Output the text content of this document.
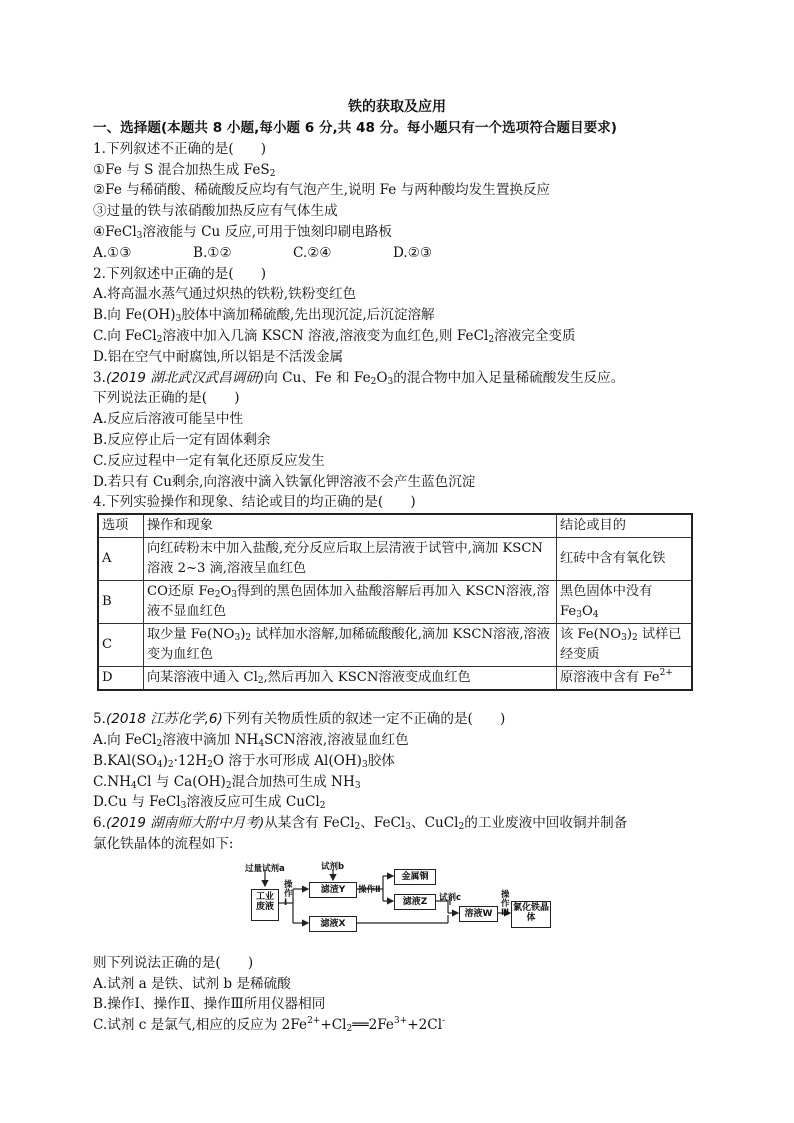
铁的获取及应用
一、选择题(本题共 8 小题,每小题 6 分,共 48 分。每小题只有一个选项符合题目要求)
1.下列叙述不正确的是(　　)
①Fe 与 S 混合加热生成 FeS$_2$
②Fe 与稀硝酸、稀硫酸反应均有气泡产生,说明 Fe 与两种酸均发生置换反应
③过量的铁与浓硝酸加热反应有气体生成
④FeCl$_3$溶液能与 Cu 反应,可用于蚀刻印刷电路板
A.①③	B.①②	C.②④	D.②③
2.下列叙述中正确的是(　　)
A.将高温水蒸气通过炽热的铁粉,铁粉变红色
B.向 $Fe(OH)_3$胶体中滴加稀硫酸,先出现沉淀,后沉淀溶解
C.向 FeCl$_2$溶液中加入几滴 KSCN 溶液,溶液变为血红色,则 FeCl$_2$溶液完全变质
D.铝在空气中耐腐蚀,所以铝是不活泼金属
3.(2019 湖北武汉武昌调研)向 Cu、Fe 和 $Fe_2O_3$的混合物中加入足量稀硫酸发生反应。
下列说法正确的是(　　)
A.反应后溶液可能呈中性
B.反应停止后一定有固体剩余
C.反应过程中一定有氧化还原反应发生
D.若只有 Cu剩余,向溶液中滴入铁氰化钾溶液不会产生蓝色沉淀
4.下列实验操作和现象、结论或目的均正确的是(　　)
选项	操作和现象	结论或目的
A	向红砖粉末中加入盐酸,充分反应后取上层清液于试管中,滴加 KSCN溶液 2~3 滴,溶液呈血红色	红砖中含有氧化铁
B	CO还原 $Fe_2O_3$得到的黑色固体加入盐酸溶解后再加入 KSCN溶液,溶液不显血红色	黑色固体中没有 $Fe_3O_4$
C	取少量 $Fe(NO_3)_2$ 试样加水溶解,加稀硫酸酸化,滴加 KSCN溶液,溶液变为血红色	该 $Fe(NO_3)_2$ 试样已经变质
D	向某溶液中通入 $Cl_2$,然后再加入 KSCN溶液变成血红色	原溶液中含有 $Fe^{2+}$
5.(2018 江苏化学,6)下列有关物质性质的叙述一定不正确的是(　　)
A.向 FeCl$_2$溶液中滴加 $NH_4SCN$溶液,溶液显血红色
$B.KAl(SO_4)_2\cdot 12H_2O$ 溶于水可形成 $Al(OH)_3$胶体
$C.NH_4Cl$ 与 $Ca(OH)_2$混合加热可生成 $NH_3$
D.Cu 与 FeCl$_3$溶液反应可生成 CuCl$_2$
6.(2019 湖南师大附中月考)从某含有 FeCl$_2$、FeCl$_3$、CuCl$_2$的工业废液中回收铜并制备
氯化铁晶体的流程如下:
过量试剂a	试剂b
操作Ⅰ
操作Ⅱ
试剂c	操作Ⅲ
工业废液
滤渣Y
滤液X
金属铜
滤液Z
溶液W
氯化铁晶体
则下列说法正确的是(　　)
A.试剂 a 是铁、试剂 b 是稀硫酸
B.操作Ⅰ、操作Ⅱ、操作Ⅲ所用仪器相同
C.试剂 c 是氯气,相应的反应为 $2Fe^{2+}+Cl_2══2Fe^{3+}+2Cl^-$
